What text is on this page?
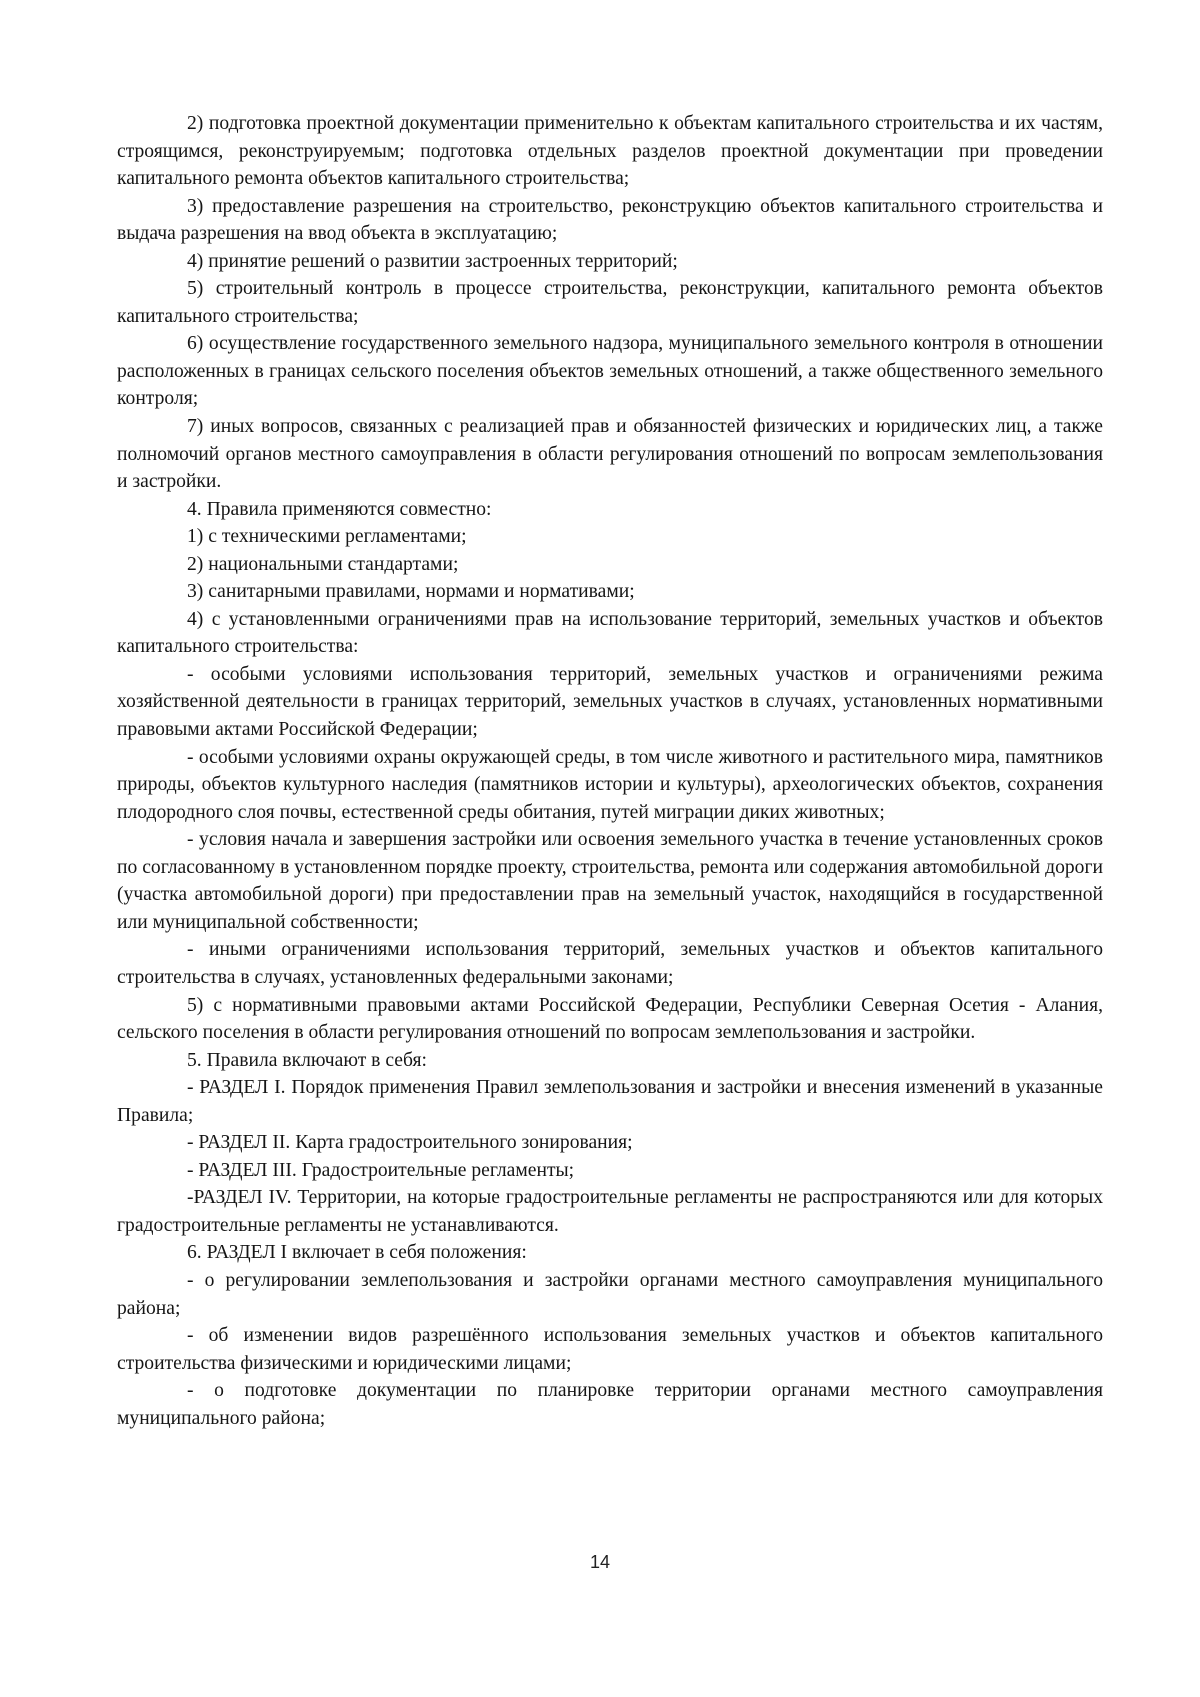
2) подготовка проектной документации применительно к объектам капитального строительства и их частям, строящимся, реконструируемым; подготовка отдельных разделов проектной документации при проведении капитального ремонта объектов капитального строительства;

3) предоставление разрешения на строительство, реконструкцию объектов капитального строительства и выдача разрешения на ввод объекта в эксплуатацию;

4) принятие решений о развитии застроенных территорий;

5) строительный контроль в процессе строительства, реконструкции, капитального ремонта объектов капитального строительства;

6) осуществление государственного земельного надзора, муниципального земельного контроля в отношении расположенных в границах сельского поселения объектов земельных отношений, а также общественного земельного контроля;

7) иных вопросов, связанных с реализацией прав и обязанностей физических и юридических лиц, а также полномочий органов местного самоуправления в области регулирования отношений по вопросам землепользования и застройки.

4. Правила применяются совместно:

1) с техническими регламентами;

2) национальными стандартами;

3) санитарными правилами, нормами и нормативами;

4) с установленными ограничениями прав на использование территорий, земельных участков и объектов капитального строительства:

- особыми условиями использования территорий, земельных участков и ограничениями режима хозяйственной деятельности в границах территорий, земельных участков в случаях, установленных нормативными правовыми актами Российской Федерации;

- особыми условиями охраны окружающей среды, в том числе животного и растительного мира, памятников природы, объектов культурного наследия (памятников истории и культуры), археологических объектов, сохранения плодородного слоя почвы, естественной среды обитания, путей миграции диких животных;

- условия начала и завершения застройки или освоения земельного участка в течение установленных сроков по согласованному в установленном порядке проекту, строительства, ремонта или содержания автомобильной дороги (участка автомобильной дороги) при предоставлении прав на земельный участок, находящийся в государственной или муниципальной собственности;

- иными ограничениями использования территорий, земельных участков и объектов капитального строительства в случаях, установленных федеральными законами;

5) с нормативными правовыми актами Российской Федерации, Республики Северная Осетия - Алания, сельского поселения в области регулирования отношений по вопросам землепользования и застройки.

5. Правила включают в себя:

- РАЗДЕЛ I. Порядок применения Правил землепользования и застройки и внесения изменений в указанные Правила;

- РАЗДЕЛ II. Карта градостроительного зонирования;

- РАЗДЕЛ III. Градостроительные регламенты;

-РАЗДЕЛ IV. Территории, на которые градостроительные регламенты не распространяются или для которых градостроительные регламенты не устанавливаются.

6. РАЗДЕЛ I включает в себя положения:

- о регулировании землепользования и застройки органами местного самоуправления муниципального района;

- об изменении видов разрешённого использования земельных участков и объектов капитального строительства физическими и юридическими лицами;

- о подготовке документации по планировке территории органами местного самоуправления муниципального района;

14
